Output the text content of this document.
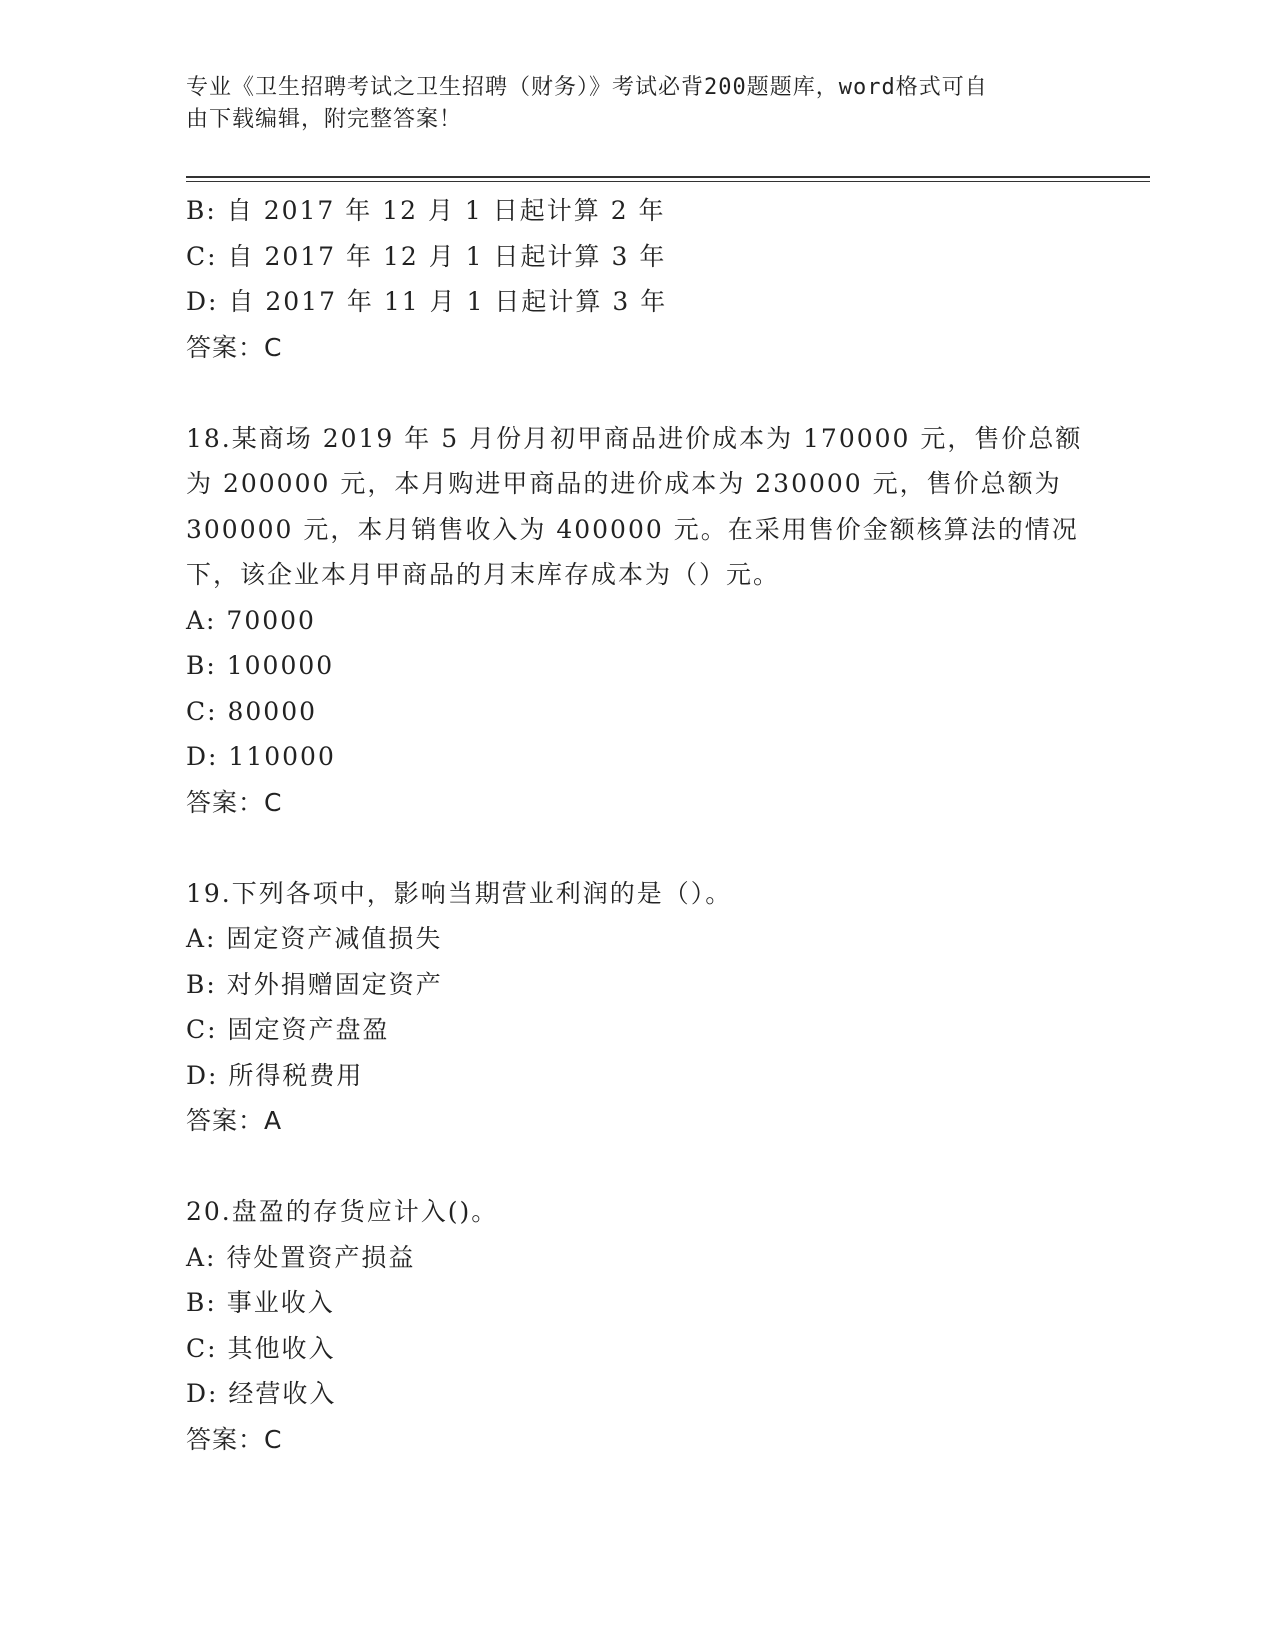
专业《卫生招聘考试之卫生招聘（财务）》考试必背200题题库，word格式可自
由下载编辑，附完整答案！
B: 自 2017 年 12 月 1 日起计算 2 年
C: 自 2017 年 12 月 1 日起计算 3 年
D: 自 2017 年 11 月 1 日起计算 3 年
答案：C
18.某商场 2019 年 5 月份月初甲商品进价成本为 170000 元，售价总额
为 200000 元，本月购进甲商品的进价成本为 230000 元，售价总额为
300000 元，本月销售收入为 400000 元。在采用售价金额核算法的情况
下，该企业本月甲商品的月末库存成本为（）元。
A: 70000
B: 100000
C: 80000
D: 110000
答案：C
19.下列各项中，影响当期营业利润的是（）。
A: 固定资产减值损失
B: 对外捐赠固定资产
C: 固定资产盘盈
D: 所得税费用
答案：A
20.盘盈的存货应计入()。
A: 待处置资产损益
B: 事业收入
C: 其他收入
D: 经营收入
答案：C
